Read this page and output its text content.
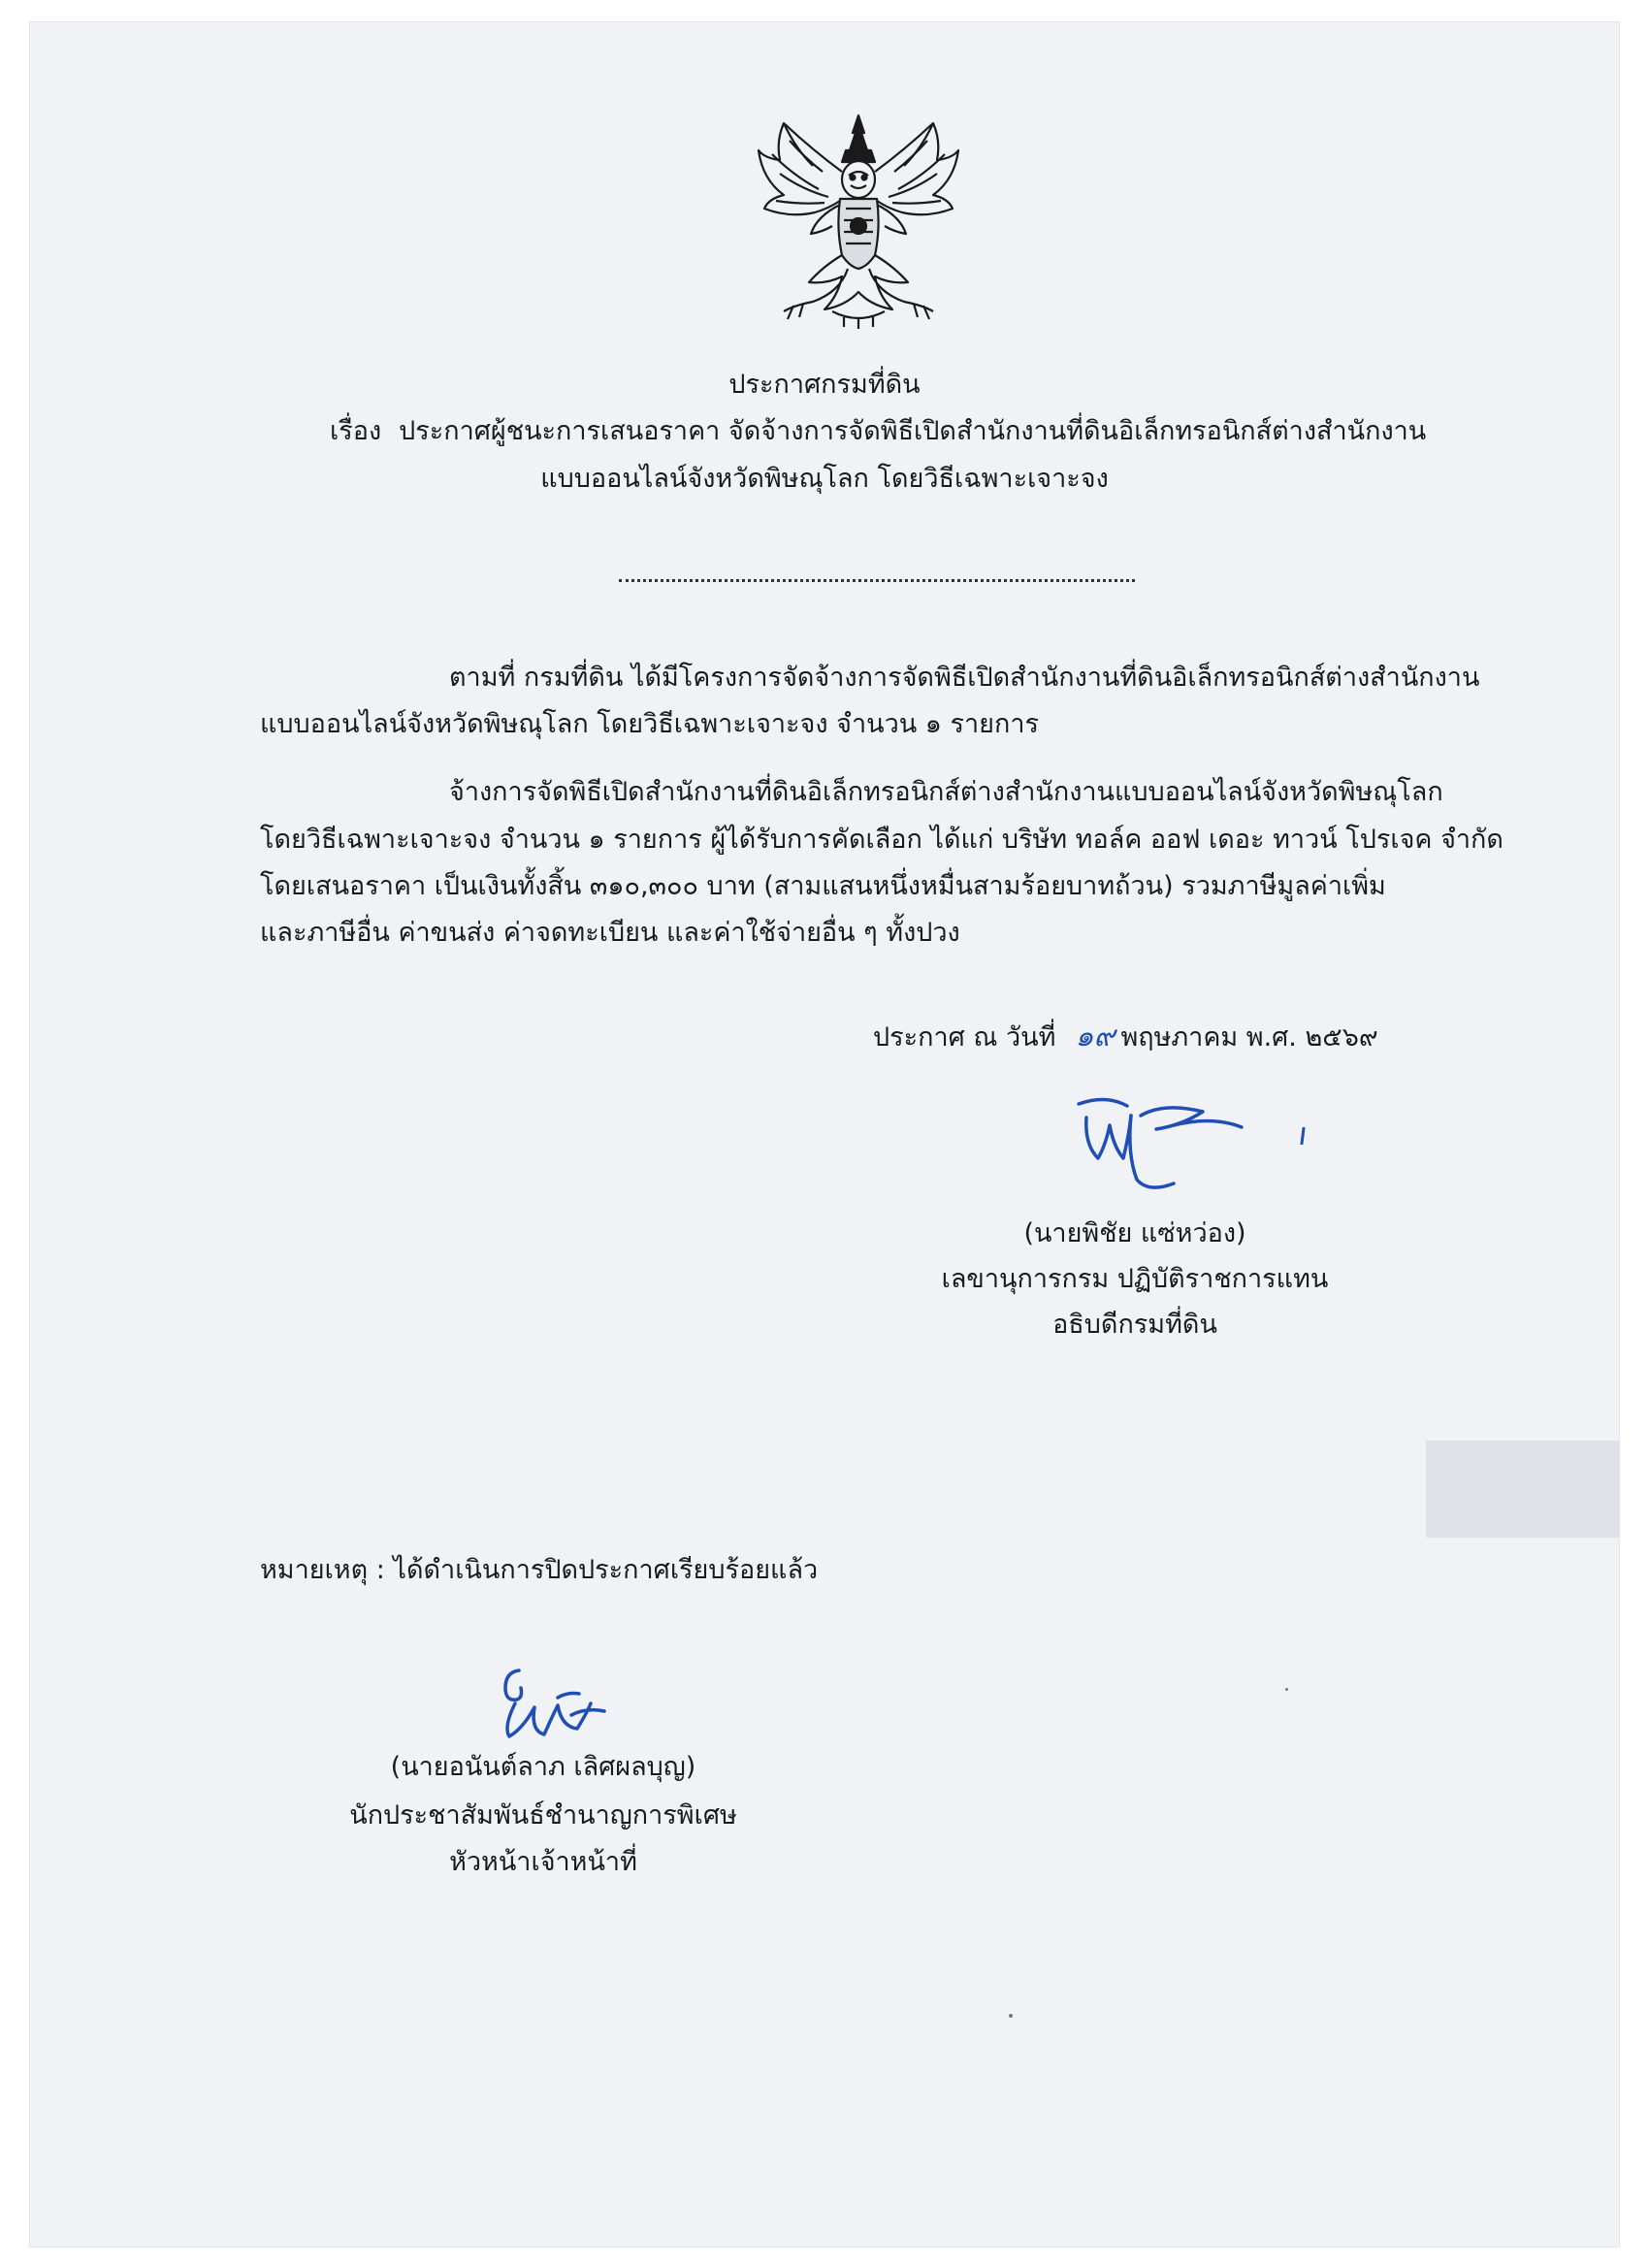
ประกาศกรมที่ดิน
เรื่อง ประกาศผู้ชนะการเสนอราคา จัดจ้างการจัดพิธีเปิดสำนักงานที่ดินอิเล็กทรอนิกส์ต่างสำนักงาน
แบบออนไลน์จังหวัดพิษณุโลก โดยวิธีเฉพาะเจาะจง
ตามที่ กรมที่ดิน ได้มีโครงการจัดจ้างการจัดพิธีเปิดสำนักงานที่ดินอิเล็กทรอนิกส์ต่างสำนักงาน
แบบออนไลน์จังหวัดพิษณุโลก โดยวิธีเฉพาะเจาะจง จำนวน ๑ รายการ
จ้างการจัดพิธีเปิดสำนักงานที่ดินอิเล็กทรอนิกส์ต่างสำนักงานแบบออนไลน์จังหวัดพิษณุโลก
โดยวิธีเฉพาะเจาะจง จำนวน ๑ รายการ ผู้ได้รับการคัดเลือก ได้แก่ บริษัท ทอล์ค ออฟ เดอะ ทาวน์ โปรเจค จำกัด
โดยเสนอราคา เป็นเงินทั้งสิ้น ๓๑๐,๓๐๐ บาท (สามแสนหนึ่งหมื่นสามร้อยบาทถ้วน) รวมภาษีมูลค่าเพิ่ม
และภาษีอื่น ค่าขนส่ง ค่าจดทะเบียน และค่าใช้จ่ายอื่น ๆ ทั้งปวง
ประกาศ ณ วันที่ ๑๙ พฤษภาคม พ.ศ. ๒๕๖๙
(นายพิชัย แซ่หว่อง)
เลขานุการกรม ปฏิบัติราชการแทน
อธิบดีกรมที่ดิน
หมายเหตุ : ได้ดำเนินการปิดประกาศเรียบร้อยแล้ว
(นายอนันต์ลาภ เลิศผลบุญ)
นักประชาสัมพันธ์ชำนาญการพิเศษ
หัวหน้าเจ้าหน้าที่
